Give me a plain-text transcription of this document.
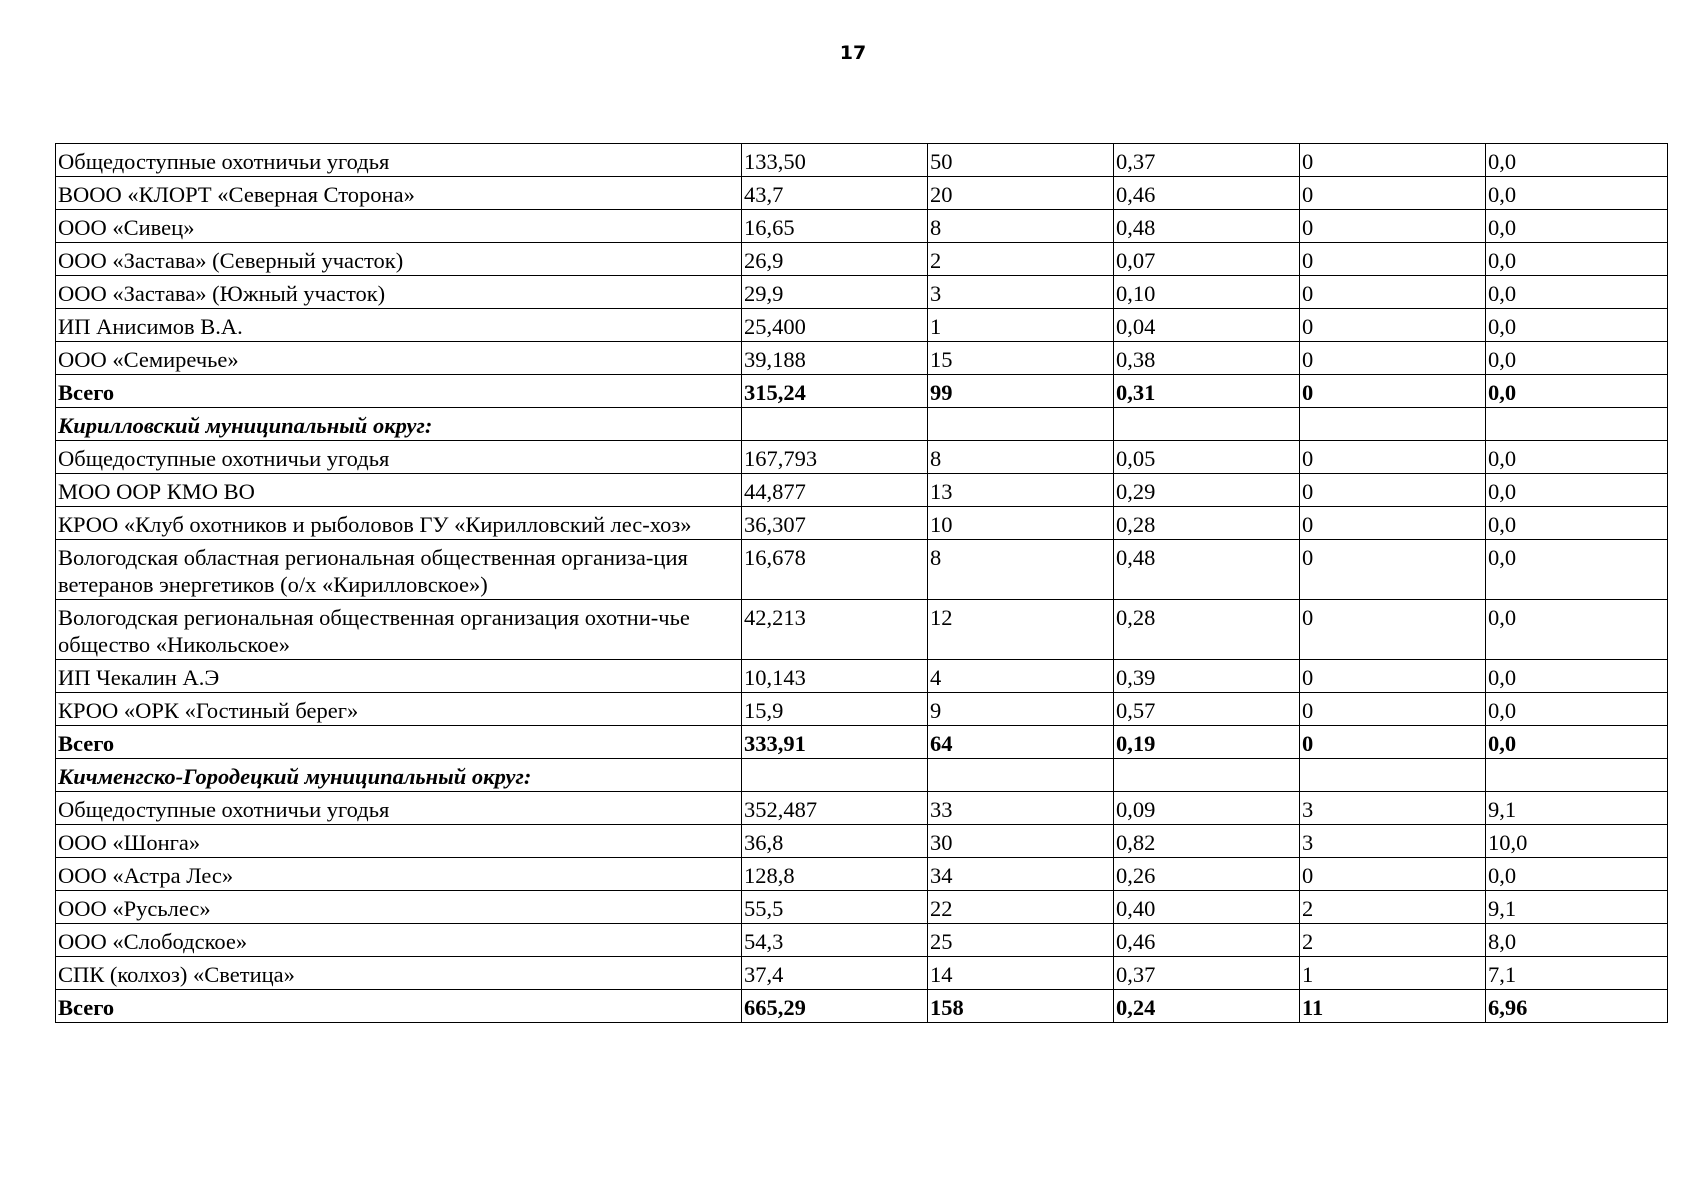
17
Общедоступные охотничьи угодья	133,50	50	0,37	0	0,0
ВООО «КЛОРТ «Северная Сторона»	43,7	20	0,46	0	0,0
ООО «Сивец»	16,65	8	0,48	0	0,0
ООО «Застава» (Северный участок)	26,9	2	0,07	0	0,0
ООО «Застава» (Южный участок)	29,9	3	0,10	0	0,0
ИП Анисимов В.А.	25,400	1	0,04	0	0,0
ООО «Семиречье»	39,188	15	0,38	0	0,0
Всего	315,24	99	0,31	0	0,0
Кирилловский муниципальный округ:					
Общедоступные охотничьи угодья	167,793	8	0,05	0	0,0
МОО ООР КМО ВО	44,877	13	0,29	0	0,0
КРОО «Клуб охотников и рыболовов ГУ «Кирилловский лес-хоз»	36,307	10	0,28	0	0,0
Вологодская областная региональная общественная организа-ция ветеранов энергетиков (о/х «Кирилловское»)	16,678	8	0,48	0	0,0
Вологодская региональная общественная организация охотни-чье общество «Никольское»	42,213	12	0,28	0	0,0
ИП Чекалин А.Э	10,143	4	0,39	0	0,0
КРОО «ОРК «Гостиный берег»	15,9	9	0,57	0	0,0
Всего	333,91	64	0,19	0	0,0
Кичменгско-Городецкий муниципальный округ:					
Общедоступные охотничьи угодья	352,487	33	0,09	3	9,1
ООО «Шонга»	36,8	30	0,82	3	10,0
ООО «Астра Лес»	128,8	34	0,26	0	0,0
ООО «Русьлес»	55,5	22	0,40	2	9,1
ООО «Слободское»	54,3	25	0,46	2	8,0
СПК (колхоз) «Светица»	37,4	14	0,37	1	7,1
Всего	665,29	158	0,24	11	6,96
